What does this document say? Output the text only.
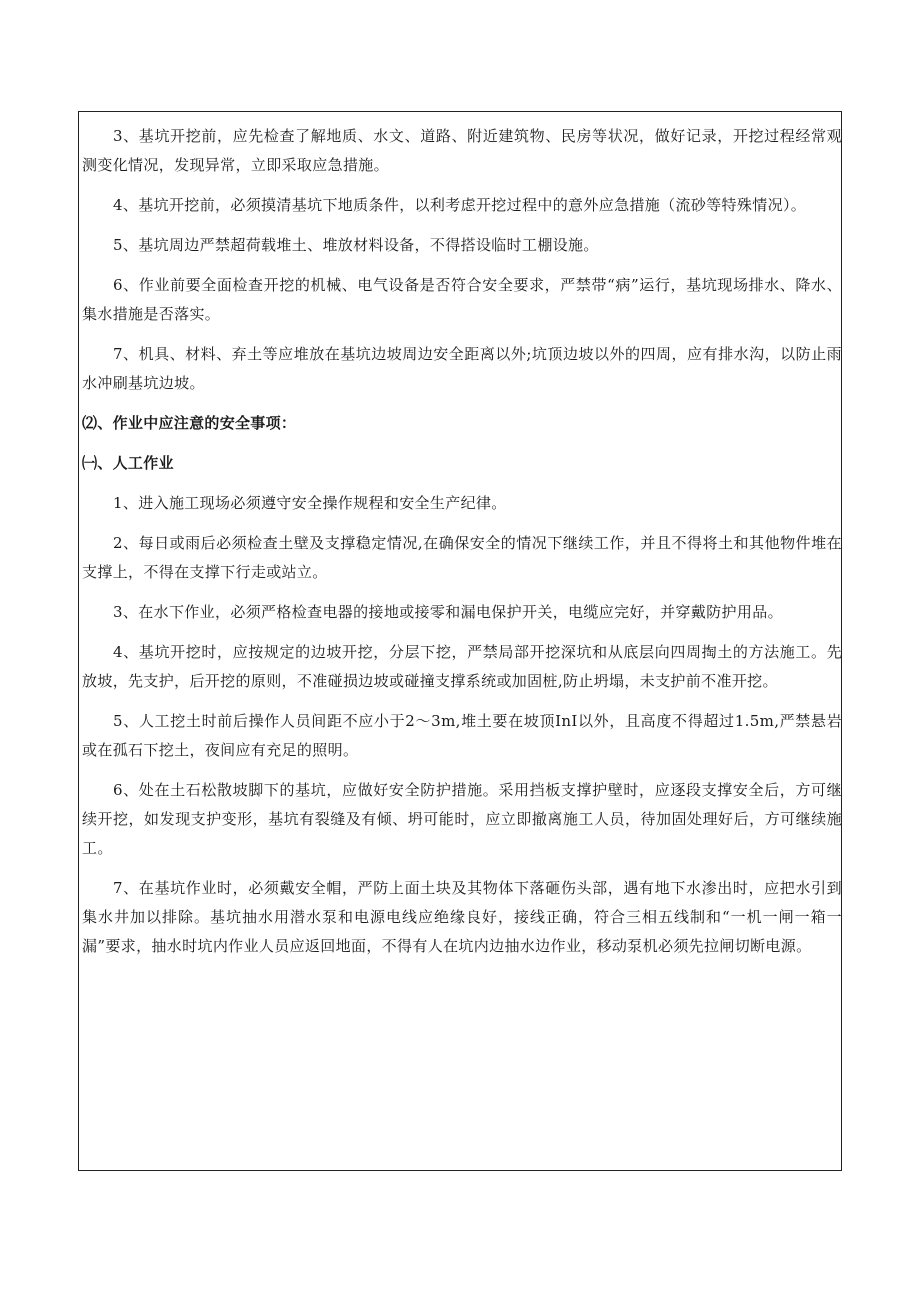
3、基坑开挖前，应先检查了解地质、水文、道路、附近建筑物、民房等状况，做好记录，开挖过程经常观测变化情况，发现异常，立即采取应急措施。

4、基坑开挖前，必须摸清基坑下地质条件，以利考虑开挖过程中的意外应急措施（流砂等特殊情况）。

5、基坑周边严禁超荷载堆土、堆放材料设备，不得搭设临时工棚设施。

6、作业前要全面检查开挖的机械、电气设备是否符合安全要求，严禁带“病”运行，基坑现场排水、降水、集水措施是否落实。

7、机具、材料、弃土等应堆放在基坑边坡周边安全距离以外;坑顶边坡以外的四周，应有排水沟，以防止雨水冲刷基坑边坡。

⑵、作业中应注意的安全事项：

㈠、人工作业

1、进入施工现场必须遵守安全操作规程和安全生产纪律。

2、每日或雨后必须检查土壁及支撑稳定情况,在确保安全的情况下继续工作，并且不得将土和其他物件堆在支撑上，不得在支撑下行走或站立。

3、在水下作业，必须严格检查电器的接地或接零和漏电保护开关，电缆应完好，并穿戴防护用品。

4、基坑开挖时，应按规定的边坡开挖，分层下挖，严禁局部开挖深坑和从底层向四周掏土的方法施工。先放坡，先支护，后开挖的原则，不准碰损边坡或碰撞支撑系统或加固桩,防止坍塌，未支护前不准开挖。

5、人工挖土时前后操作人员间距不应小于2～3m,堆土要在坡顶InI以外，且高度不得超过1.5m,严禁悬岩或在孤石下挖土，夜间应有充足的照明。

6、处在土石松散坡脚下的基坑，应做好安全防护措施。采用挡板支撑护壁时，应逐段支撑安全后，方可继续开挖，如发现支护变形，基坑有裂缝及有倾、坍可能时，应立即撤离施工人员，待加固处理好后，方可继续施工。

7、在基坑作业时，必须戴安全帽，严防上面土块及其物体下落砸伤头部，遇有地下水渗出时，应把水引到集水井加以排除。基坑抽水用潜水泵和电源电线应绝缘良好，接线正确，符合三相五线制和“一机一闸一箱一漏”要求，抽水时坑内作业人员应返回地面，不得有人在坑内边抽水边作业，移动泵机必须先拉闸切断电源。
